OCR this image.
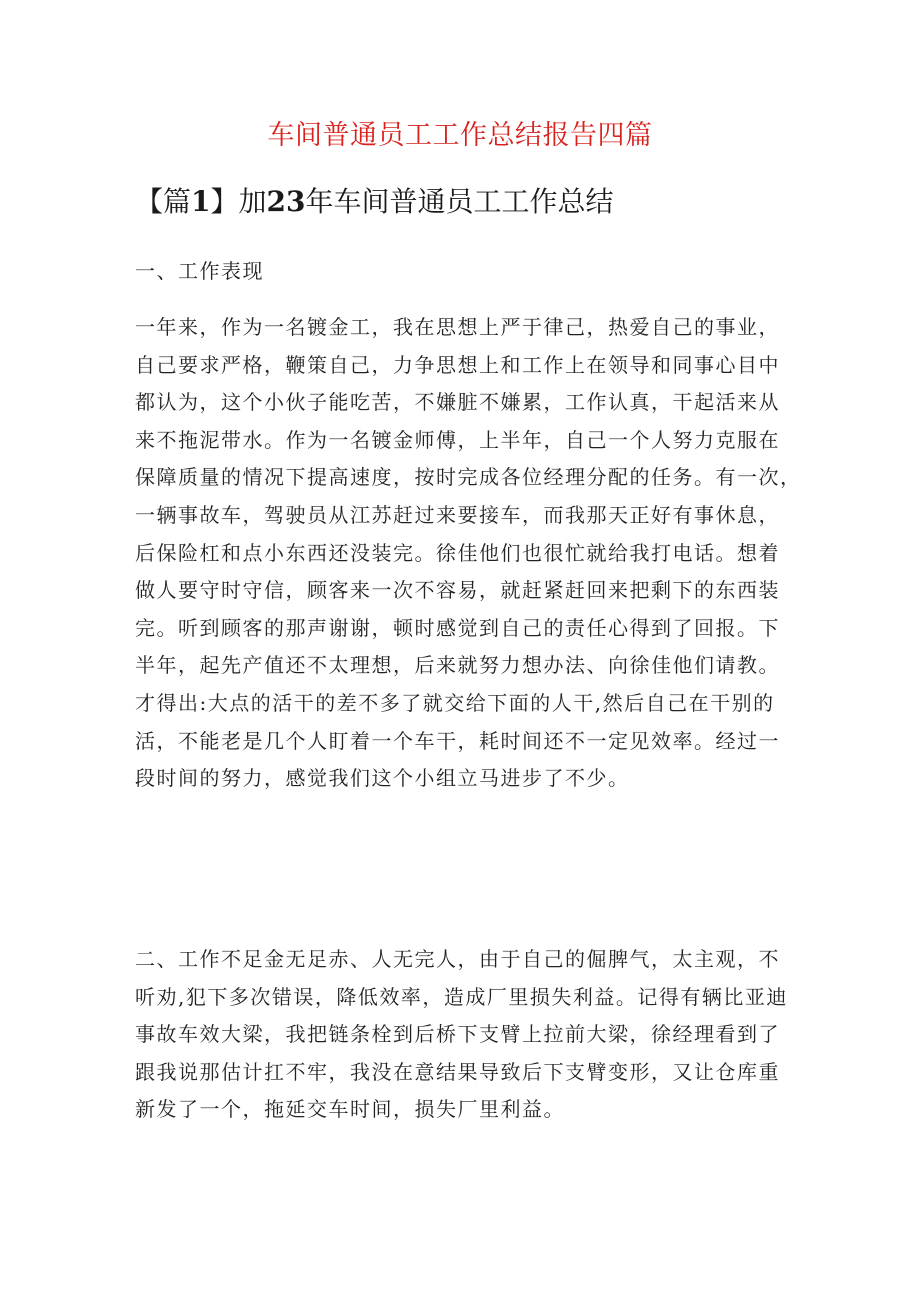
车间普通员工工作总结报告四篇
【篇1】加23年车间普通员工工作总结
一、工作表现
一年来，作为一名镀金工，我在思想上严于律己，热爱自己的事业，
自己要求严格，鞭策自己，力争思想上和工作上在领导和同事心目中
都认为，这个小伙子能吃苦，不嫌脏不嫌累，工作认真，干起活来从
来不拖泥带水。作为一名镀金师傅，上半年，自己一个人努力克服在
保障质量的情况下提高速度，按时完成各位经理分配的任务。有一次，
一辆事故车，驾驶员从江苏赶过来要接车，而我那天正好有事休息，
后保险杠和点小东西还没装完。徐佳他们也很忙就给我打电话。想着
做人要守时守信，顾客来一次不容易，就赶紧赶回来把剩下的东西装
完。听到顾客的那声谢谢，顿时感觉到自己的责任心得到了回报。下
半年，起先产值还不太理想，后来就努力想办法、向徐佳他们请教。
才得出:大点的活干的差不多了就交给下面的人干,然后自己在干别的
活，不能老是几个人盯着一个车干，耗时间还不一定见效率。经过一
段时间的努力，感觉我们这个小组立马进步了不少。
二、工作不足金无足赤、人无完人，由于自己的倔脾气，太主观，不
听劝,犯下多次错误，降低效率，造成厂里损失利益。记得有辆比亚迪
事故车效大梁，我把链条栓到后桥下支臂上拉前大梁，徐经理看到了
跟我说那估计扛不牢，我没在意结果导致后下支臂变形，又让仓库重
新发了一个，拖延交车时间，损失厂里利益。
